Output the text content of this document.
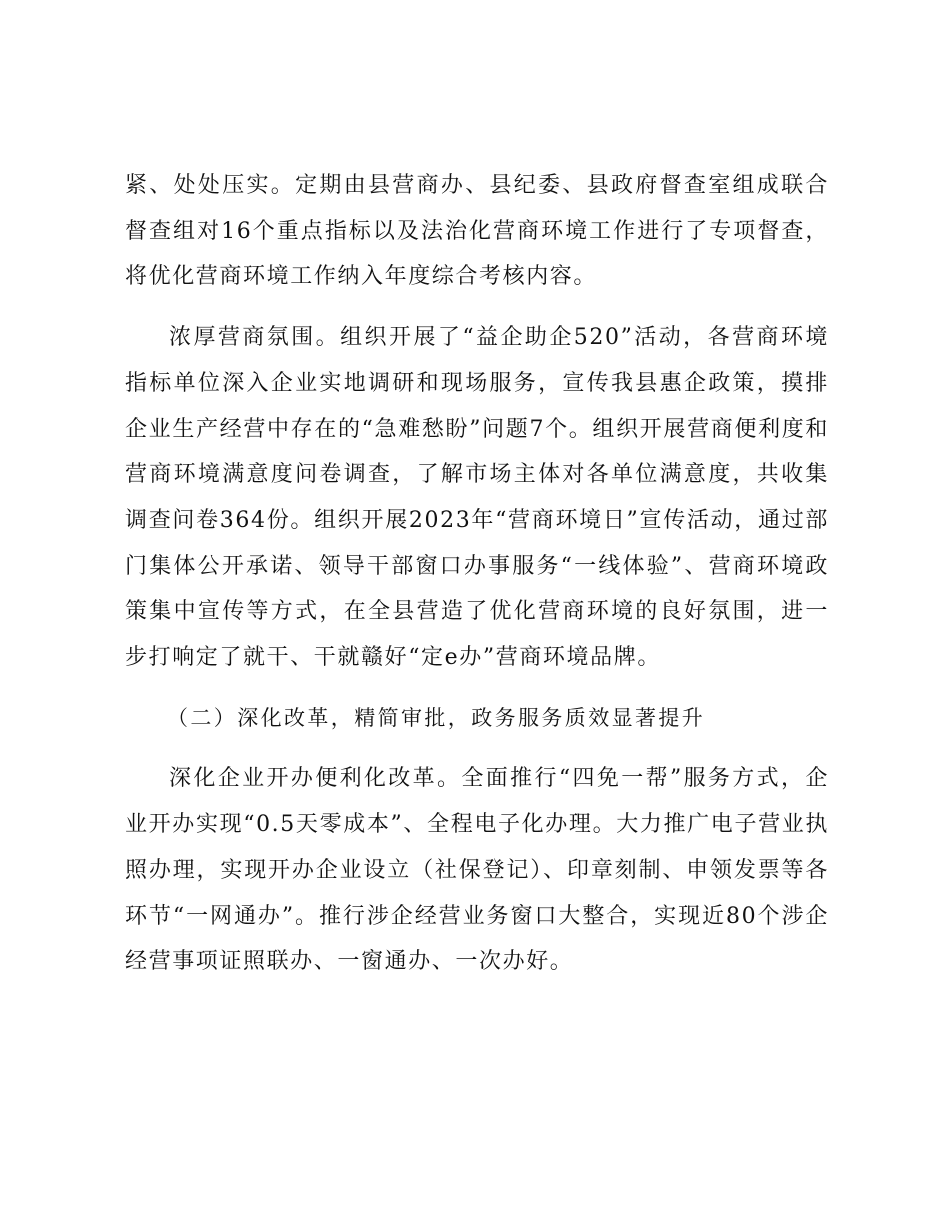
紧、处处压实。定期由县营商办、县纪委、县政府督查室组成联合督查组对16个重点指标以及法治化营商环境工作进行了专项督查，将优化营商环境工作纳入年度综合考核内容。

浓厚营商氛围。组织开展了“益企助企520”活动，各营商环境指标单位深入企业实地调研和现场服务，宣传我县惠企政策，摸排企业生产经营中存在的“急难愁盼”问题7个。组织开展营商便利度和营商环境满意度问卷调查，了解市场主体对各单位满意度，共收集调查问卷364份。组织开展2023年“营商环境日”宣传活动，通过部门集体公开承诺、领导干部窗口办事服务“一线体验”、营商环境政策集中宣传等方式，在全县营造了优化营商环境的良好氛围，进一步打响定了就干、干就赣好“定e办”营商环境品牌。

（二）深化改革，精简审批，政务服务质效显著提升

深化企业开办便利化改革。全面推行“四免一帮”服务方式，企业开办实现“0.5天零成本”、全程电子化办理。大力推广电子营业执照办理，实现开办企业设立（社保登记）、印章刻制、申领发票等各环节“一网通办”。推行涉企经营业务窗口大整合，实现近80个涉企经营事项证照联办、一窗通办、一次办好。
